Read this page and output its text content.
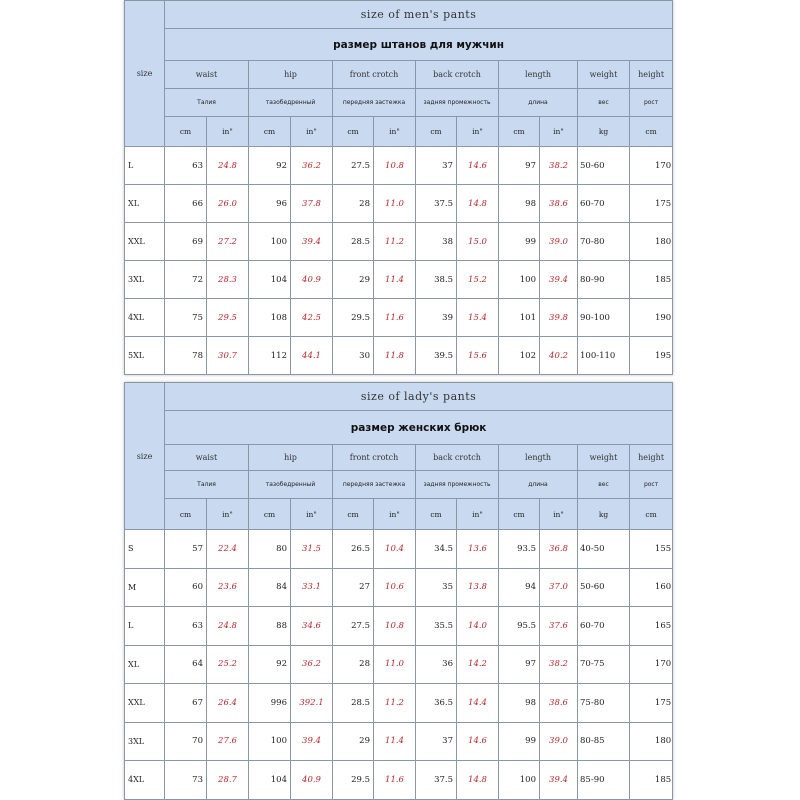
size	size of men's pants											
	размер штанов для мужчин											
	waist		hip		front crotch		back crotch		length		weight	height
	Талия		тазобедренный		передняя застежка		задняя промежность		длина		вес	рост
	cm	in"	cm	in"	cm	in"	cm	in"	cm	in"	kg	cm
L	63	24.8	92	36.2	27.5	10.8	37	14.6	97	38.2	50-60	170
XL	66	26.0	96	37.8	28	11.0	37.5	14.8	98	38.6	60-70	175
XXL	69	27.2	100	39.4	28.5	11.2	38	15.0	99	39.0	70-80	180
3XL	72	28.3	104	40.9	29	11.4	38.5	15.2	100	39.4	80-90	185
4XL	75	29.5	108	42.5	29.5	11.6	39	15.4	101	39.8	90-100	190
5XL	78	30.7	112	44.1	30	11.8	39.5	15.6	102	40.2	100-110	195
size	size of lady's pants											
	размер женских брюк											
	waist		hip		front crotch		back crotch		length		weight	height
	Талия		тазобедренный		передняя застежка		задняя промежность		длина		вес	рост
	cm	in"	cm	in"	cm	in"	cm	in"	cm	in"	kg	cm
S	57	22.4	80	31.5	26.5	10.4	34.5	13.6	93.5	36.8	40-50	155
M	60	23.6	84	33.1	27	10.6	35	13.8	94	37.0	50-60	160
L	63	24.8	88	34.6	27.5	10.8	35.5	14.0	95.5	37.6	60-70	165
XL	64	25.2	92	36.2	28	11.0	36	14.2	97	38.2	70-75	170
XXL	67	26.4	996	392.1	28.5	11.2	36.5	14.4	98	38.6	75-80	175
3XL	70	27.6	100	39.4	29	11.4	37	14.6	99	39.0	80-85	180
4XL	73	28.7	104	40.9	29.5	11.6	37.5	14.8	100	39.4	85-90	185
